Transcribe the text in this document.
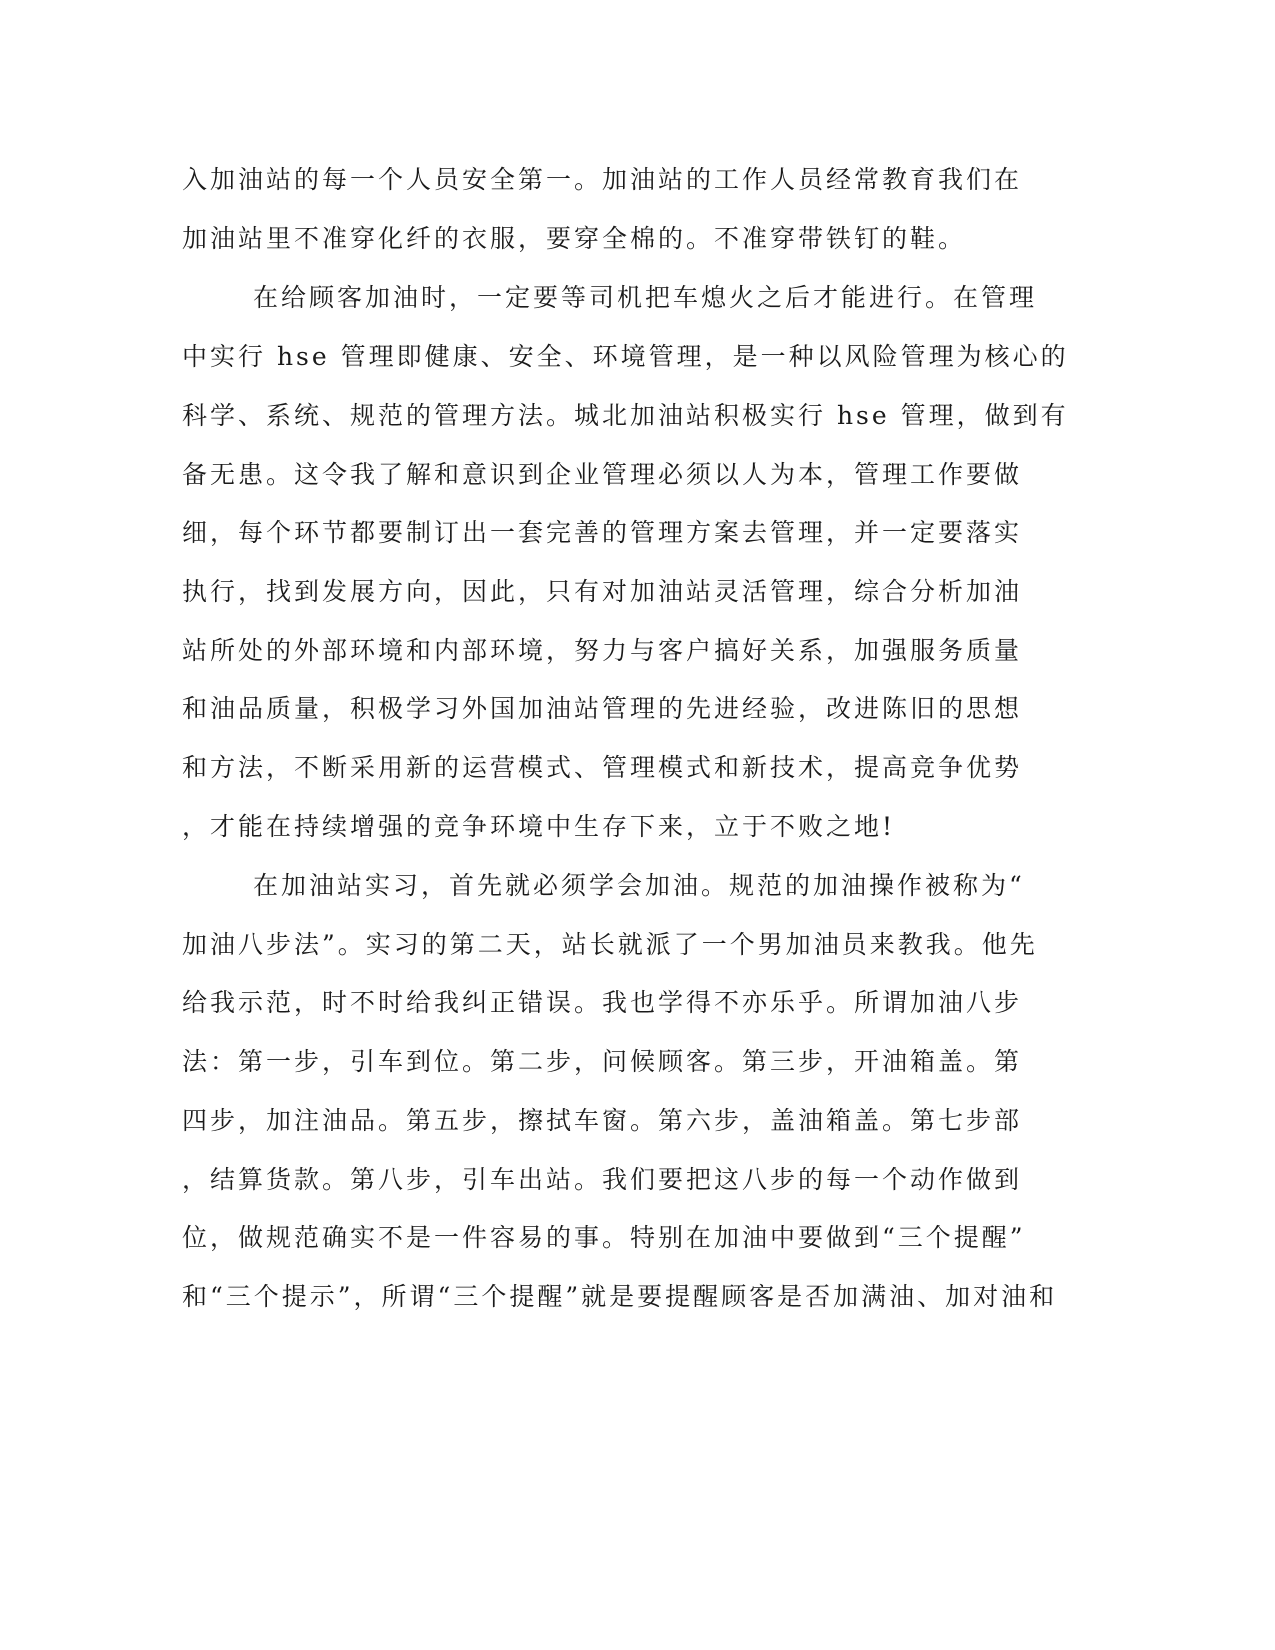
入加油站的每一个人员安全第一。加油站的工作人员经常教育我们在
加油站里不准穿化纤的衣服，要穿全棉的。不准穿带铁钉的鞋。
在给顾客加油时，一定要等司机把车熄火之后才能进行。在管理
中实行 hse 管理即健康、安全、环境管理，是一种以风险管理为核心的
科学、系统、规范的管理方法。城北加油站积极实行 hse 管理，做到有
备无患。这令我了解和意识到企业管理必须以人为本，管理工作要做
细，每个环节都要制订出一套完善的管理方案去管理，并一定要落实
执行，找到发展方向，因此，只有对加油站灵活管理，综合分析加油
站所处的外部环境和内部环境，努力与客户搞好关系，加强服务质量
和油品质量，积极学习外国加油站管理的先进经验，改进陈旧的思想
和方法，不断采用新的运营模式、管理模式和新技术，提高竞争优势
，才能在持续增强的竞争环境中生存下来，立于不败之地!
在加油站实习，首先就必须学会加油。规范的加油操作被称为“
加油八步法”。实习的第二天，站长就派了一个男加油员来教我。他先
给我示范，时不时给我纠正错误。我也学得不亦乐乎。所谓加油八步
法：第一步，引车到位。第二步，问候顾客。第三步，开油箱盖。第
四步，加注油品。第五步，擦拭车窗。第六步，盖油箱盖。第七步部
，结算货款。第八步，引车出站。我们要把这八步的每一个动作做到
位，做规范确实不是一件容易的事。特别在加油中要做到“三个提醒”
和“三个提示”，所谓“三个提醒”就是要提醒顾客是否加满油、加对油和
